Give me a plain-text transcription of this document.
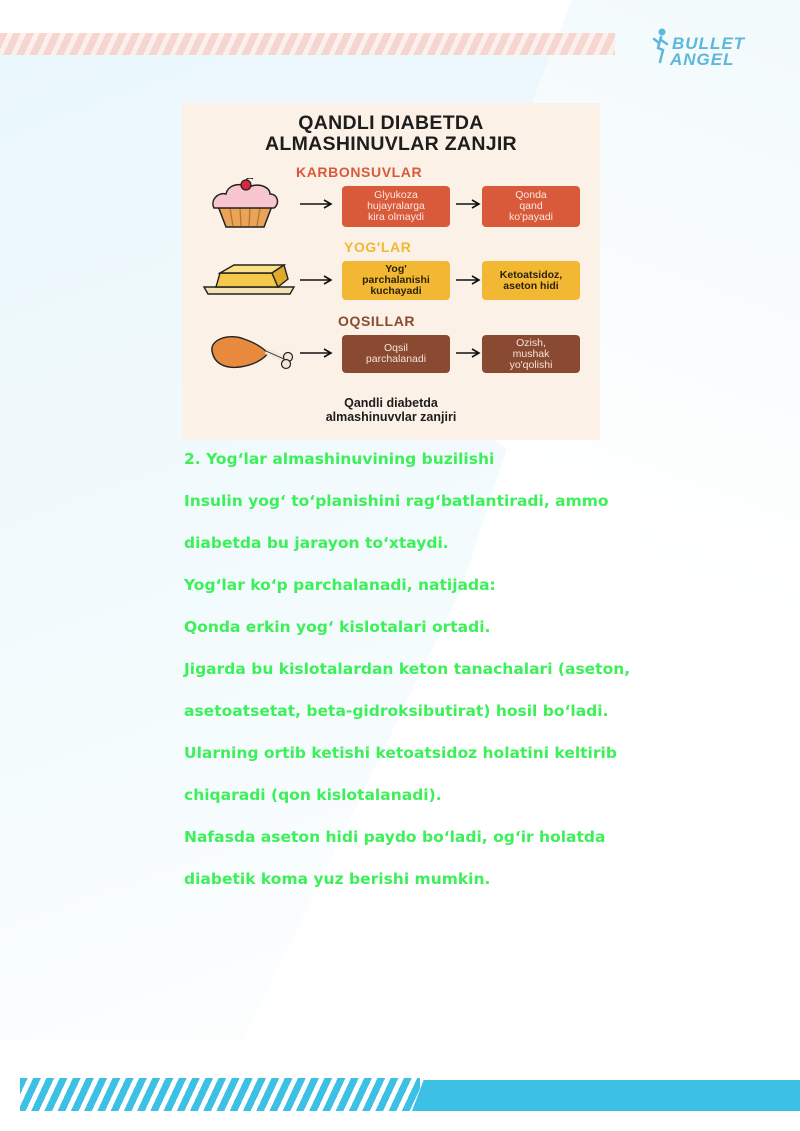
BULLET
ANGEL
QANDLI DIABETDA
ALMASHINUVLAR ZANJIR
KARBONSUVLAR
Glyukoza
hujayralarga
kira olmaydi
Qonda
qand
ko'payadi
YOG'LAR
Yog'
parchalanishi
kuchayadi
Ketoatsidoz,
aseton hidi
OQSILLAR
Oqsil
parchalanadi
Ozish,
mushak
yo'qolishi
Qandli diabetda
almashinuvvlar zanjiri
2. Yog‘lar almashinuvining buzilishi
Insulin yog‘ to‘planishini rag‘batlantiradi, ammo
diabetda bu jarayon to‘xtaydi.
Yog‘lar ko‘p parchalanadi, natijada:
Qonda erkin yog‘ kislotalari ortadi.
Jigarda bu kislotalardan keton tanachalari (aseton,
asetoatsetat, beta-gidroksibutirat) hosil bo‘ladi.
Ularning ortib ketishi ketoatsidoz holatini keltirib
chiqaradi (qon kislotalanadi).
Nafasda aseton hidi paydo bo‘ladi, og‘ir holatda
diabetik koma yuz berishi mumkin.
